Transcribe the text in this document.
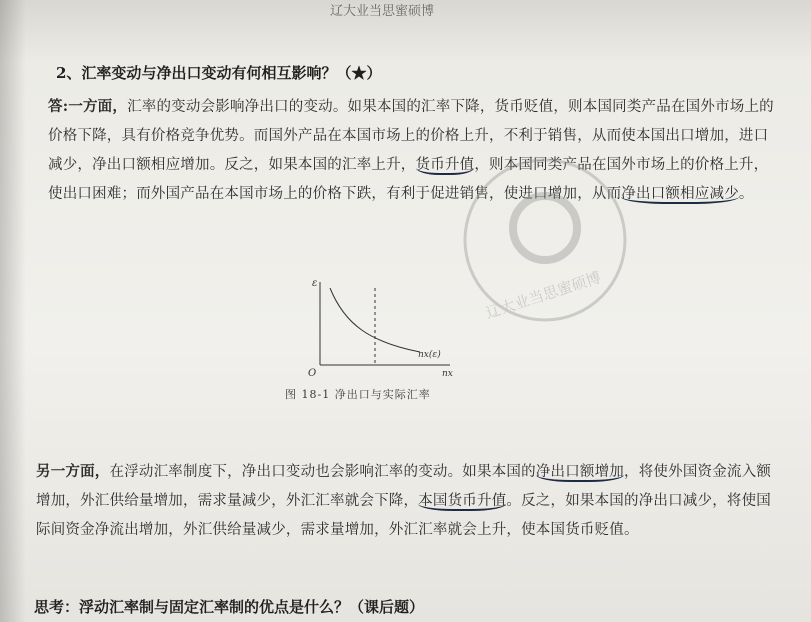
辽大业当思蜜硕博
2、汇率变动与净出口变动有何相互影响？（★）
答:一方面，汇率的变动会影响净出口的变动。如果本国的汇率下降，货币贬值，则本国同类产品在国外市场上的价格下降，具有价格竞争优势。而国外产品在本国市场上的价格上升，不利于销售，从而使本国出口增加，进口减少，净出口额相应增加。反之，如果本国的汇率上升，货币升值，则本国同类产品在国外市场上的价格上升，使出口困难；而外国产品在本国市场上的价格下跌，有利于促进销售，使进口增加，从而净出口额相应减少。
ε
nx
O
nx(ε)
图 18-1 净出口与实际汇率
另一方面，在浮动汇率制度下，净出口变动也会影响汇率的变动。如果本国的净出口额增加，将使外国资金流入额增加，外汇供给量增加，需求量减少，外汇汇率就会下降，本国货币升值。反之，如果本国的净出口减少，将使国际间资金净流出增加，外汇供给量减少，需求量增加，外汇汇率就会上升，使本国货币贬值。
思考：浮动汇率制与固定汇率制的优点是什么？（课后题）
辽大业当思蜜硕博
